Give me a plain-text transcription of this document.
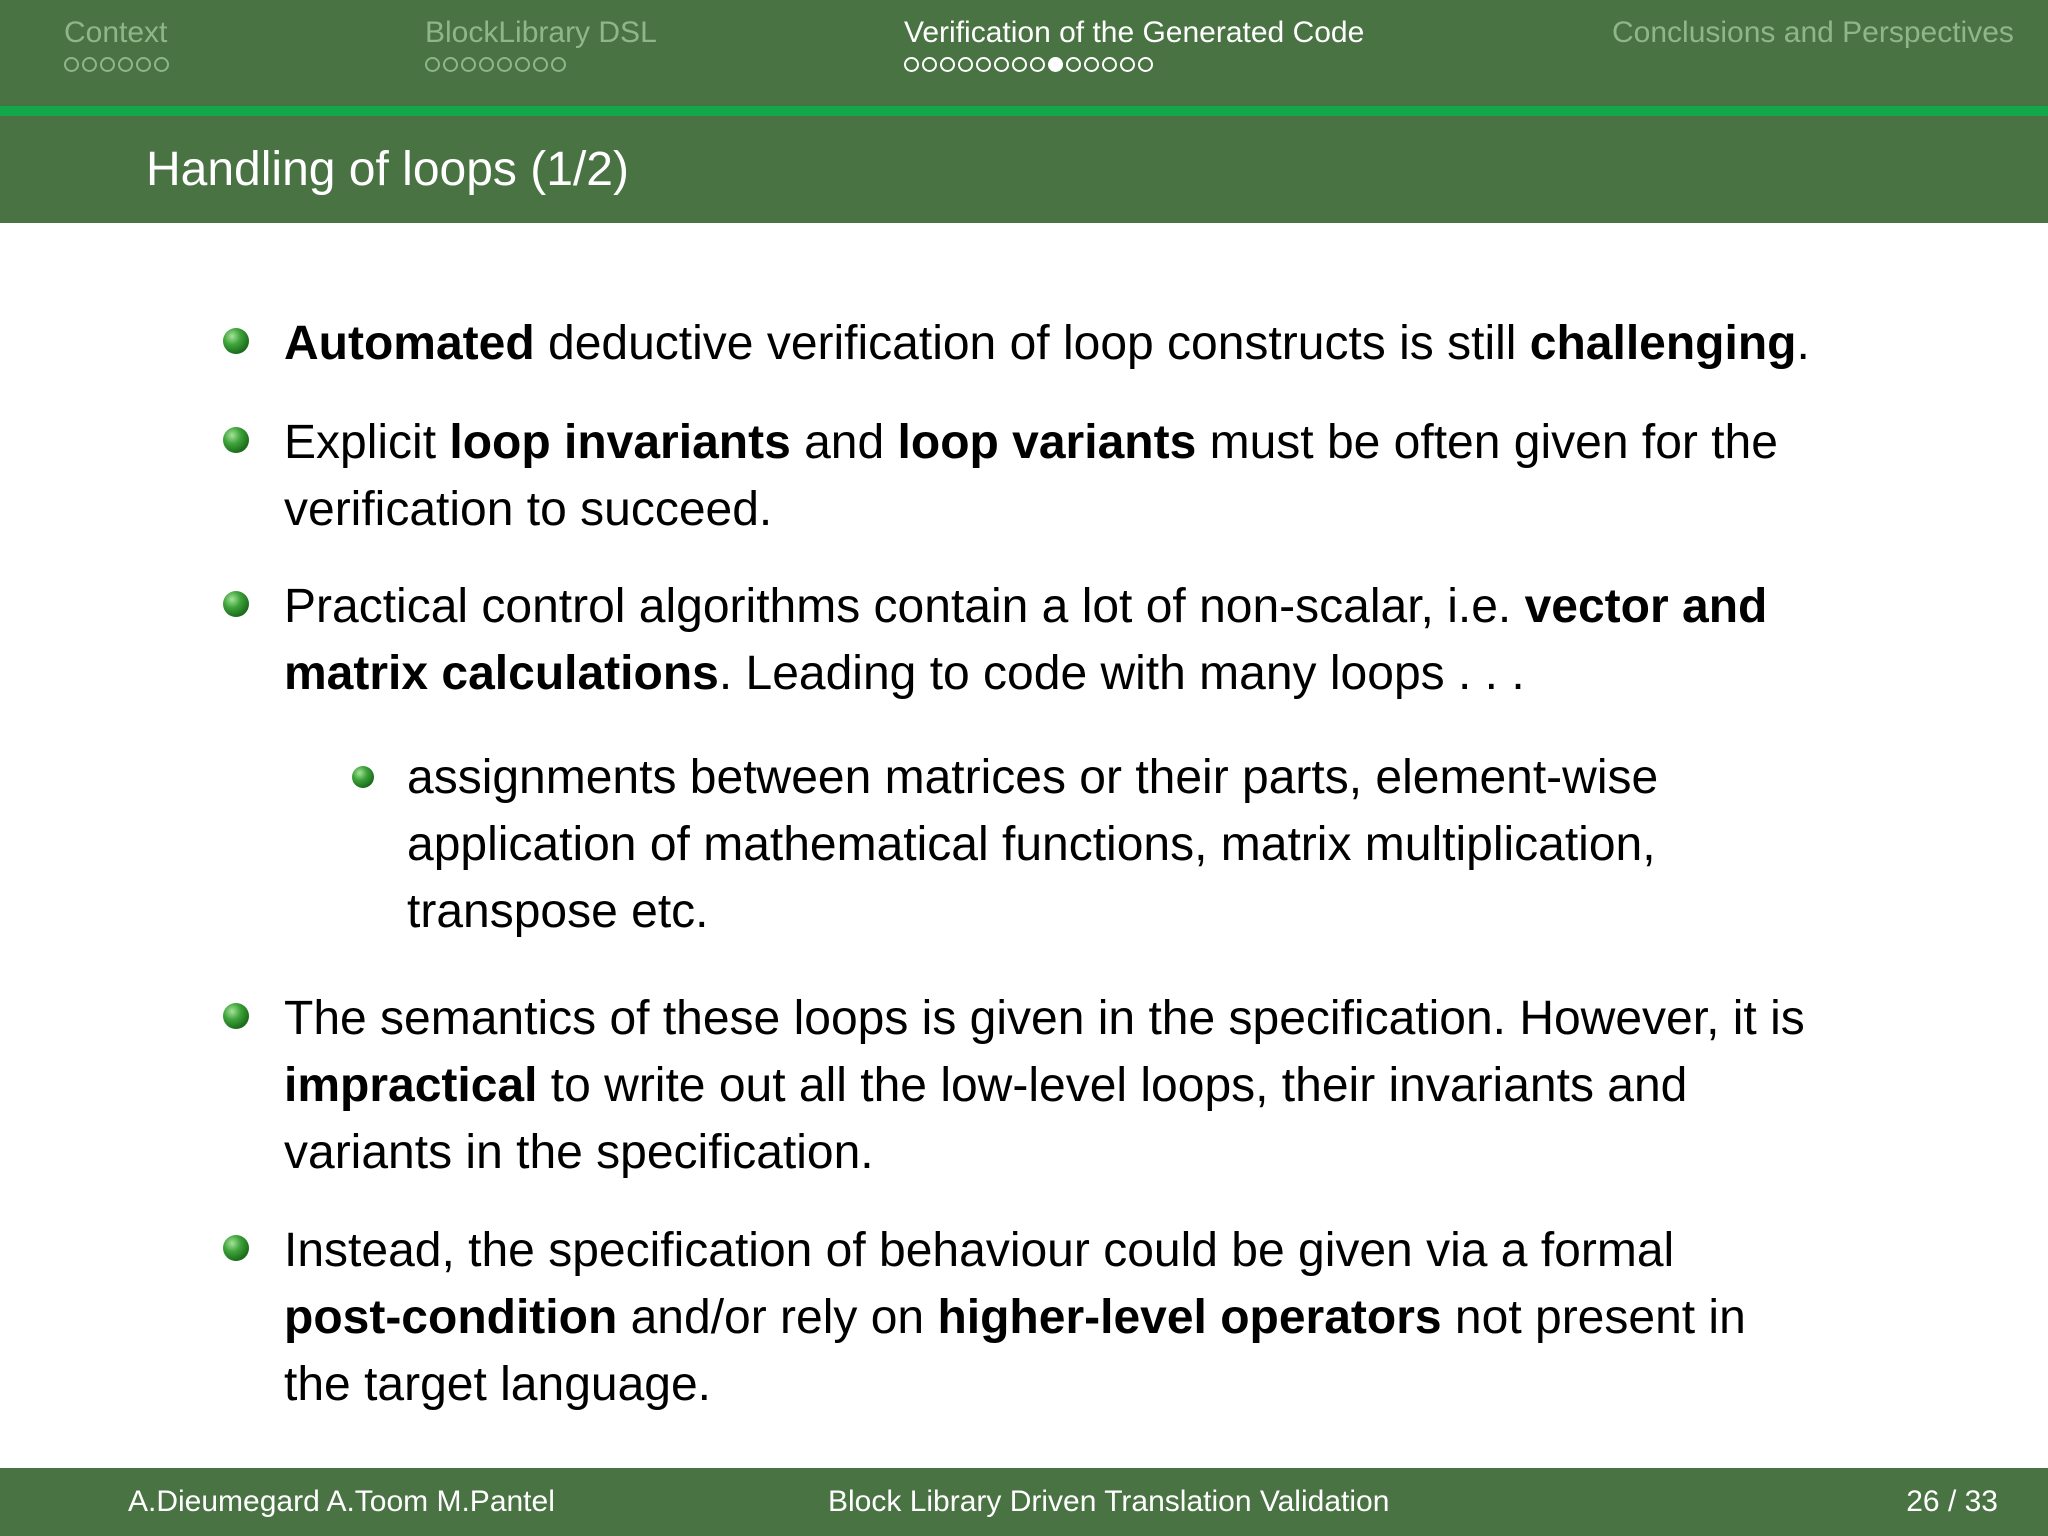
Context	BlockLibrary DSL	Verification of the Generated Code	Conclusions and Perspectives
Handling of loops (1/2)
Automated deductive verification of loop constructs is still challenging.
Explicit loop invariants and loop variants must be often given for the
verification to succeed.
Practical control algorithms contain a lot of non-scalar, i.e. vector and
matrix calculations. Leading to code with many loops . . .
assignments between matrices or their parts, element-wise
application of mathematical functions, matrix multiplication,
transpose etc.
The semantics of these loops is given in the specification. However, it is
impractical to write out all the low-level loops, their invariants and
variants in the specification.
Instead, the specification of behaviour could be given via a formal
post-condition and/or rely on higher-level operators not present in
the target language.
A.Dieumegard A.Toom M.Pantel	Block Library Driven Translation Validation	26 / 33
